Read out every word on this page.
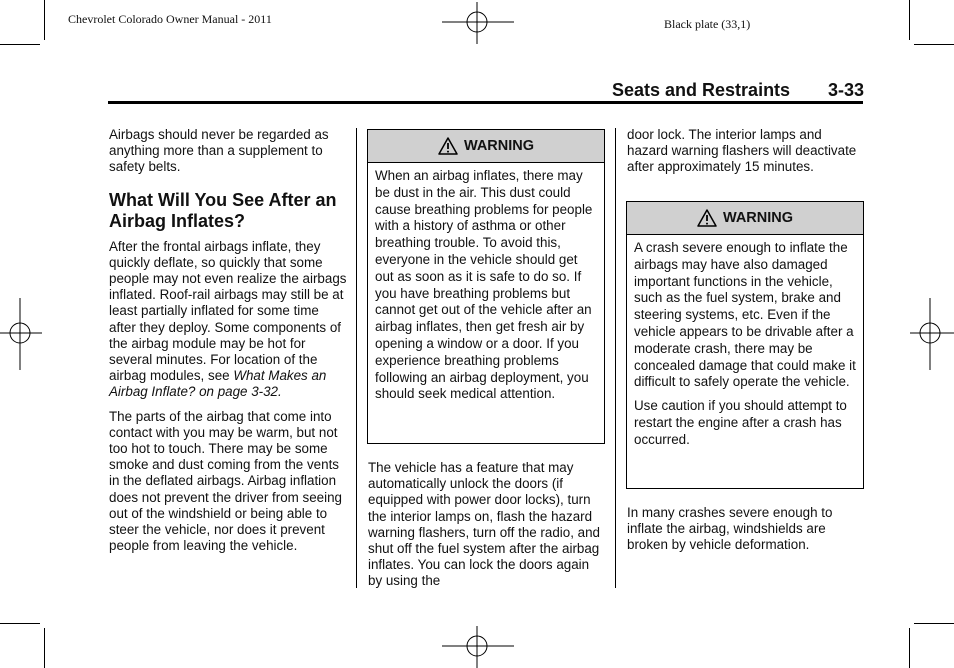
Chevrolet Colorado Owner Manual - 2011	Black plate (33,1)
Seats and Restraints 3-33

Airbags should never be regarded as anything more than a supplement to safety belts.

What Will You See After an Airbag Inflates?

After the frontal airbags inflate, they quickly deflate, so quickly that some people may not even realize the airbags inflated. Roof-rail airbags may still be at least partially inflated for some time after they deploy. Some components of the airbag module may be hot for several minutes. For location of the airbag modules, see What Makes an Airbag Inflate? on page 3-32.

The parts of the airbag that come into contact with you may be warm, but not too hot to touch. There may be some smoke and dust coming from the vents in the deflated airbags. Airbag inflation does not prevent the driver from seeing out of the windshield or being able to steer the vehicle, nor does it prevent people from leaving the vehicle.

WARNING

When an airbag inflates, there may be dust in the air. This dust could cause breathing problems for people with a history of asthma or other breathing trouble. To avoid this, everyone in the vehicle should get out as soon as it is safe to do so. If you have breathing problems but cannot get out of the vehicle after an airbag inflates, then get fresh air by opening a window or a door. If you experience breathing problems following an airbag deployment, you should seek medical attention.

The vehicle has a feature that may automatically unlock the doors (if equipped with power door locks), turn the interior lamps on, flash the hazard warning flashers, turn off the radio, and shut off the fuel system after the airbag inflates. You can lock the doors again by using the

door lock. The interior lamps and hazard warning flashers will deactivate after approximately 15 minutes.

WARNING

A crash severe enough to inflate the airbags may have also damaged important functions in the vehicle, such as the fuel system, brake and steering systems, etc. Even if the vehicle appears to be drivable after a moderate crash, there may be concealed damage that could make it difficult to safely operate the vehicle.

Use caution if you should attempt to restart the engine after a crash has occurred.

In many crashes severe enough to inflate the airbag, windshields are broken by vehicle deformation.
